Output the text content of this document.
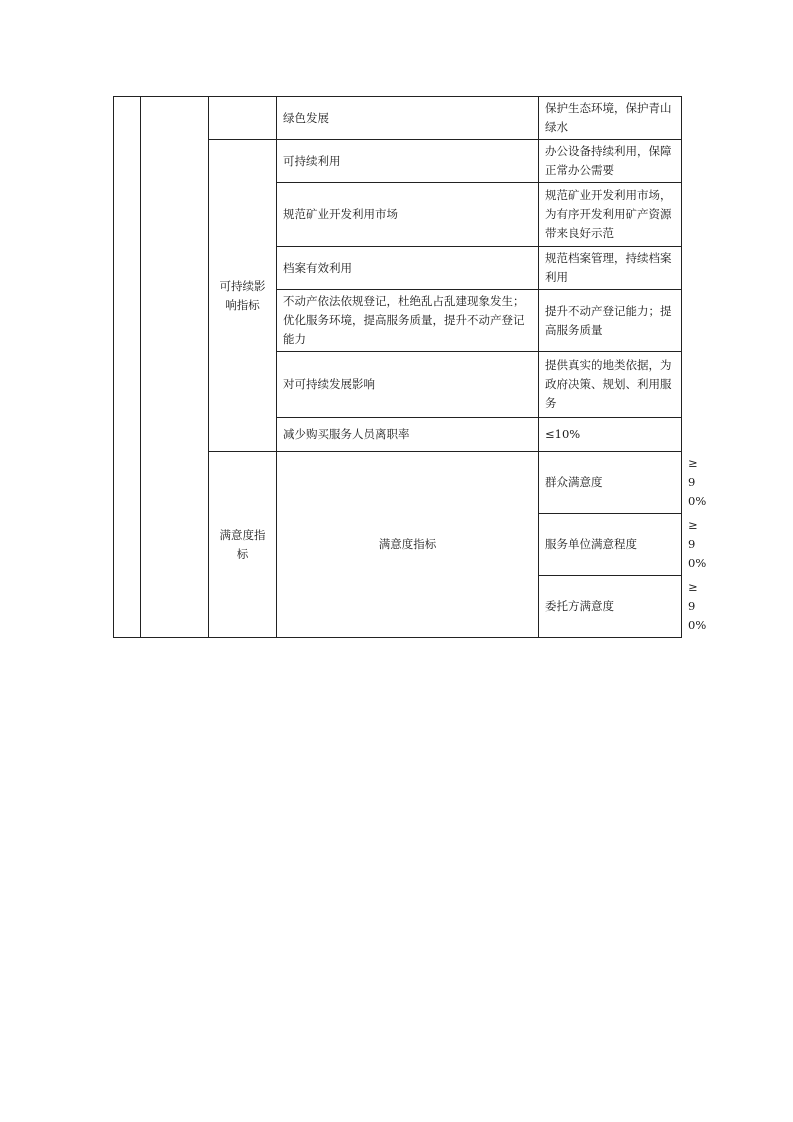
			绿色发展	保护生态环境，保护青山绿水	
		可持续影响指标	可持续利用	办公设备持续利用，保障正常办公需要	
			规范矿业开发利用市场	规范矿业开发利用市场，为有序开发利用矿产资源带来良好示范	
			档案有效利用	规范档案管理，持续档案利用	
			不动产依法依规登记，杜绝乱占乱建现象发生；优化服务环境，提高服务质量，提升不动产登记能力	提升不动产登记能力；提高服务质量	
			对可持续发展影响	提供真实的地类依据，为政府决策、规划、利用服务	
			减少购买服务人员离职率	≤10%	
		满意度指标	满意度指标	群众满意度	≥90%
				服务单位满意程度	≥90%
				委托方满意度	≥90%
